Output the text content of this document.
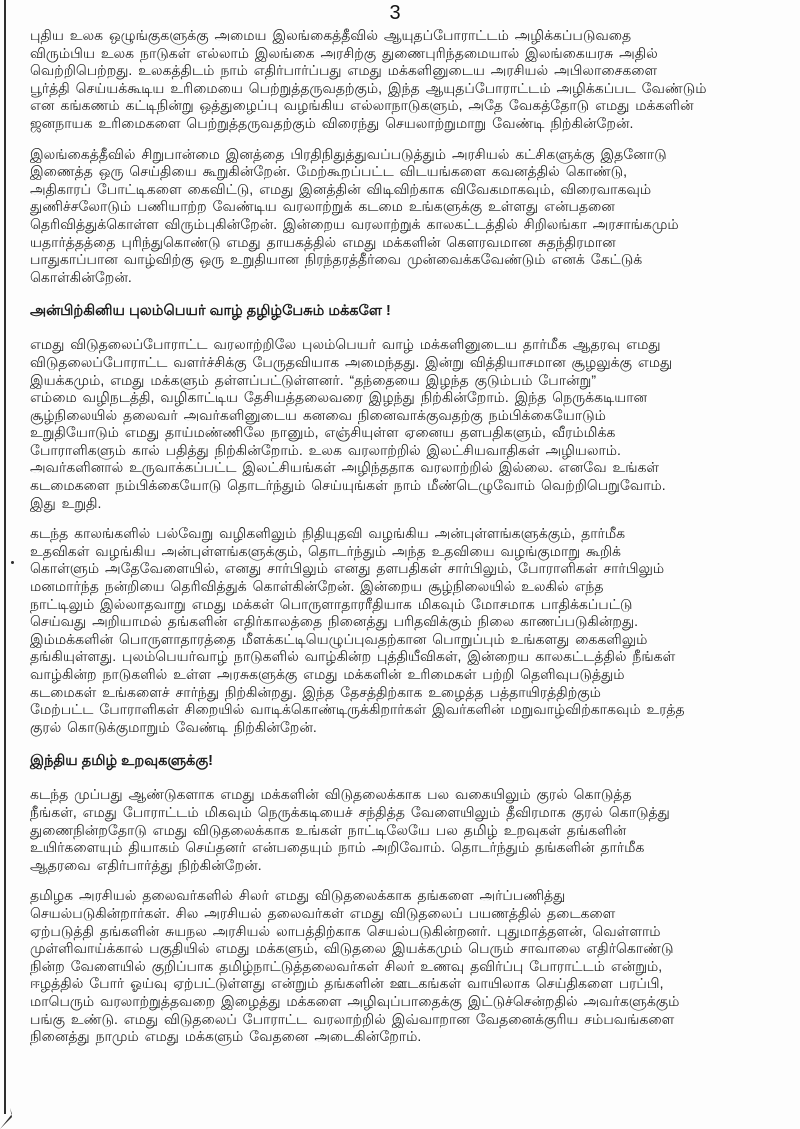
3
புதிய உலக ஒழுங்குகளுக்கு அமைய இலங்கைத்தீவில் ஆயுதப்போராட்டம் அழிக்கப்படுவதை
விரும்பிய உலக நாடுகள் எல்லாம் இலங்கை அரசிற்கு துணைபுரிந்தமையால் இலங்கையரசு அதில்
வெற்றிபெற்றது. உலகத்திடம் நாம் எதிர்பார்ப்பது எமது மக்களினுடைய அரசியல் அபிலாசைகளை
பூர்த்தி செய்யக்கூடிய உரிமையை பெற்றுத்தருவதற்கும், இந்த ஆயுதப்போராட்டம் அழிக்கப்பட வேண்டும்
என கங்கணம் கட்டிநின்று ஒத்துழைப்பு வழங்கிய எல்லாநாடுகளும், அதே வேகத்தோடு எமது மக்களின்
ஜனநாயக உரிமைகளை பெற்றுத்தருவதற்கும் விரைந்து செயலாற்றுமாறு வேண்டி நிற்கின்றேன்.
இலங்கைத்தீவில் சிறுபான்மை இனத்தை பிரதிநிதுத்துவப்படுத்தும் அரசியல் கட்சிகளுக்கு இதனோடு
இணைத்த ஒரு செய்தியை கூறுகின்றேன். மேற்கூறப்பட்ட விடயங்களை கவனத்தில் கொண்டு,
அதிகாரப் போட்டிகளை கைவிட்டு, எமது இனத்தின் விடிவிற்காக விவேகமாகவும், விரைவாகவும்
துணிச்சலோடும் பணியாற்ற வேண்டிய வரலாற்றுக் கடமை உங்களுக்கு உள்ளது என்பதனை
தெரிவித்துக்கொள்ள விரும்புகின்றேன். இன்றைய வரலாற்றுக் காலகட்டத்தில் சிறிலங்கா அரசாங்கமும்
யதார்த்தத்தை புரிந்துகொண்டு எமது தாயகத்தில் எமது மக்களின் கௌரவமான சுதந்திரமான
பாதுகாப்பான வாழ்விற்கு ஒரு உறுதியான நிரந்தரத்தீர்வை முன்வைக்கவேண்டும் எனக் கேட்டுக்
கொள்கின்றேன்.
அன்பிற்கினிய புலம்பெயர் வாழ் தழிழ்பேசும் மக்களே !
எமது விடுதலைப்போராட்ட வரலாற்றிலே புலம்பெயர் வாழ் மக்களினுடைய தார்மீக ஆதரவு எமது
விடுதலைப்போராட்ட வளர்ச்சிக்கு பேருதவியாக அமைந்தது. இன்று வித்தியாசமான சூழலுக்கு எமது
இயக்கமும், எமது மக்களும் தள்ளப்பட்டுள்ளனர். “தந்தையை இழந்த குடும்பம் போன்று”
எம்மை வழிநடத்தி, வழிகாட்டிய தேசியத்தலைவரை இழந்து நிற்கின்றோம். இந்த நெருக்கடியான
சூழ்நிலையில் தலைவர் அவர்களினுடைய கனவை நினைவாக்குவதற்கு நம்பிக்கையோடும்
உறுதியோடும் எமது தாய்மண்ணிலே நானும், எஞ்சியுள்ள ஏனைய தளபதிகளும், வீரம்மிக்க
போராளிகளும் கால் பதித்து நிற்கின்றோம். உலக வரலாற்றில் இலட்சியவாதிகள் அழியலாம்.
அவர்களினால் உருவாக்கப்பட்ட இலட்சியங்கள் அழிந்ததாக வரலாற்றில் இல்லை. எனவே உங்கள்
கடமைகளை நம்பிக்கையோடு தொடர்ந்தும் செய்யுங்கள் நாம் மீண்டெழுவோம் வெற்றிபெறுவோம்.
இது உறுதி.
கடந்த காலங்களில் பல்வேறு வழிகளிலும் நிதியுதவி வழங்கிய அன்புள்ளங்களுக்கும், தார்மீக
உதவிகள் வழங்கிய அன்புள்ளங்களுக்கும், தொடர்ந்தும் அந்த உதவியை வழங்குமாறு கூறிக்
கொள்ளும் அதேவேளையில், எனது சார்பிலும் எனது தளபதிகள் சார்பிலும், போராளிகள் சார்பிலும்
மனமார்ந்த நன்றியை தெரிவித்துக் கொள்கின்றேன். இன்றைய சூழ்நிலையில் உலகில் எந்த
நாட்டிலும் இல்லாதவாறு எமது மக்கள் பொருளாதாரரீதியாக மிகவும் மோசமாக பாதிக்கப்பட்டு
செய்வது அறியாமல் தங்களின் எதிர்காலத்தை நினைத்து பரிதவிக்கும் நிலை காணப்படுகின்றது.
இம்மக்களின் பொருளாதாரத்தை மீளக்கட்டியெழுப்புவதற்கான பொறுப்பும் உங்களது கைகளிலும்
தங்கியுள்ளது. புலம்பெயர்வாழ் நாடுகளில் வாழ்கின்ற புத்தியீவிகள், இன்றைய காலகட்டத்தில் நீங்கள்
வாழ்கின்ற நாடுகளில் உள்ள அரசுகளுக்கு எமது மக்களின் உரிமைகள் பற்றி தெளிவுபடுத்தும்
கடமைகள் உங்களைச் சார்ந்து நிற்கின்றது. இந்த தேசத்திற்காக உழைத்த பத்தாயிரத்திற்கும்
மேற்பட்ட போராளிகள் சிறையில் வாடிக்கொண்டிருக்கிறார்கள் இவர்களின் மறுவாழ்விற்காகவும் உரத்த
குரல் கொடுக்குமாறும் வேண்டி நிற்கின்றேன்.
இந்திய தமிழ் உறவுகளுக்கு!
கடந்த முப்பது ஆண்டுகளாக எமது மக்களின் விடுதலைக்காக பல வகையிலும் குரல் கொடுத்த
நீங்கள், எமது போராட்டம் மிகவும் நெருக்கடியைச் சந்தித்த வேளையிலும் தீவிரமாக குரல் கொடுத்து
துணைநின்றதோடு எமது விடுதலைக்காக உங்கள் நாட்டிலேயே பல தமிழ் உறவுகள் தங்களின்
உயிர்களையும் தியாகம் செய்தனர் என்பதையும் நாம் அறிவோம். தொடர்ந்தும் தங்களின் தார்மீக
ஆதரவை எதிர்பார்த்து நிற்கின்றேன்.
தமிழக அரசியல் தலைவர்களில் சிலர் எமது விடுதலைக்காக தங்களை அர்ப்பணித்து
செயல்படுகின்றார்கள். சில அரசியல் தலைவர்கள் எமது விடுதலைப் பயணத்தில் தடைகளை
ஏற்படுத்தி தங்களின் சுயநல அரசியல் லாபத்திற்காக செயல்படுகின்றனர். புதுமாத்தளன், வெள்ளாம்
முள்ளிவாய்க்கால் பகுதியில் எமது மக்களும், விடுதலை இயக்கமும் பெரும் சாவாலை எதிர்கொண்டு
நின்ற வேளையில் குறிப்பாக தமிழ்நாட்டுத்தலைவர்கள் சிலர் உணவு தவிர்ப்பு போராட்டம் என்றும்,
ஈழத்தில் போர் ஓய்வு ஏற்பட்டுள்ளது என்றும் தங்களின் ஊடகங்கள் வாயிலாக செய்திகளை பரப்பி,
மாபெரும் வரலாற்றுத்தவறை இழைத்து மக்களை அழிவுப்பாதைக்கு இட்டுச்சென்றதில் அவர்களுக்கும்
பங்கு உண்டு. எமது விடுதலைப் போராட்ட வரலாற்றில் இவ்வாறான வேதனைக்குரிய சம்பவங்களை
நினைத்து நாமும் எமது மக்களும் வேதனை அடைகின்றோம்.
